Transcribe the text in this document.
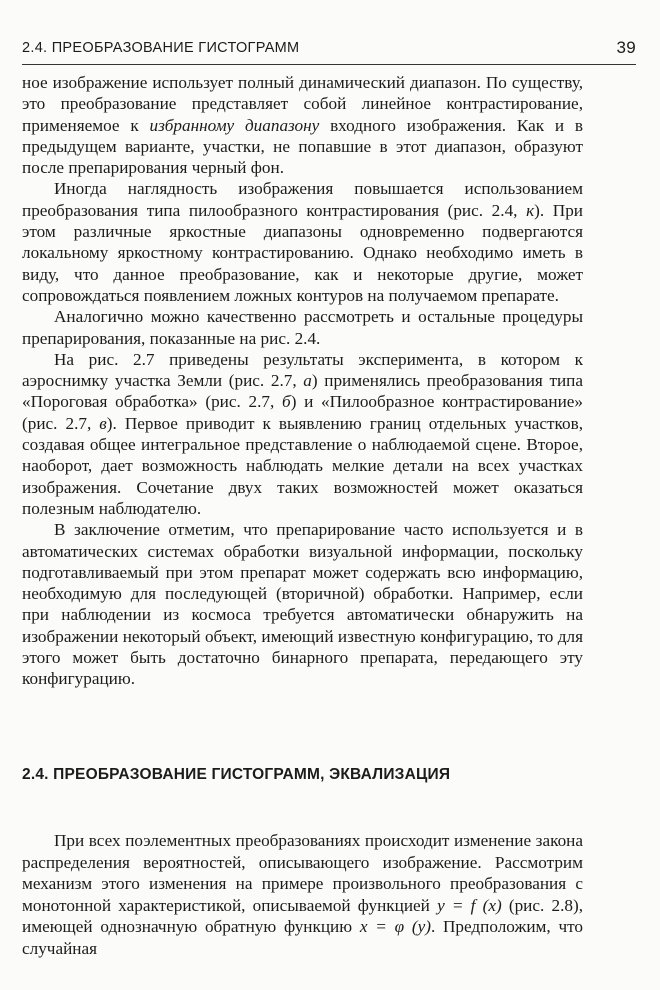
2.4. ПРЕОБРАЗОВАНИЕ ГИСТОГРАММ	39

ное изображение использует полный динамический диапазон. По существу, это преобразование представляет собой линейное контрастирование, применяемое к избранному диапазону входного изображения. Как и в предыдущем варианте, участки, не попавшие в этот диапазон, образуют после препарирования черный фон.

Иногда наглядность изображения повышается использованием преобразования типа пилообразного контрастирования (рис. 2.4, к). При этом различные яркостные диапазоны одновременно подвергаются локальному яркостному контрастированию. Однако необходимо иметь в виду, что данное преобразование, как и некоторые другие, может сопровождаться появлением ложных контуров на получаемом препарате.

Аналогично можно качественно рассмотреть и остальные процедуры препарирования, показанные на рис. 2.4.

На рис. 2.7 приведены результаты эксперимента, в котором к аэроснимку участка Земли (рис. 2.7, а) применялись преобразования типа «Пороговая обработка» (рис. 2.7, б) и «Пилообразное контрастирование» (рис. 2.7, в). Первое приводит к выявлению границ отдельных участков, создавая общее интегральное представление о наблюдаемой сцене. Второе, наоборот, дает возможность наблюдать мелкие детали на всех участках изображения. Сочетание двух таких возможностей может оказаться полезным наблюдателю.

В заключение отметим, что препарирование часто используется и в автоматических системах обработки визуальной информации, поскольку подготавливаемый при этом препарат может содержать всю информацию, необходимую для последующей (вторичной) обработки. Например, если при наблюдении из космоса требуется автоматически обнаружить на изображении некоторый объект, имеющий известную конфигурацию, то для этого может быть достаточно бинарного препарата, передающего эту конфигурацию.

2.4. ПРЕОБРАЗОВАНИЕ ГИСТОГРАММ, ЭКВАЛИЗАЦИЯ

При всех поэлементных преобразованиях происходит изменение закона распределения вероятностей, описывающего изображение. Рассмотрим механизм этого изменения на примере произвольного преобразования с монотонной характеристикой, описываемой функцией y = f (x) (рис. 2.8), имеющей однозначную обратную функцию x = φ (y). Предположим, что случайная
